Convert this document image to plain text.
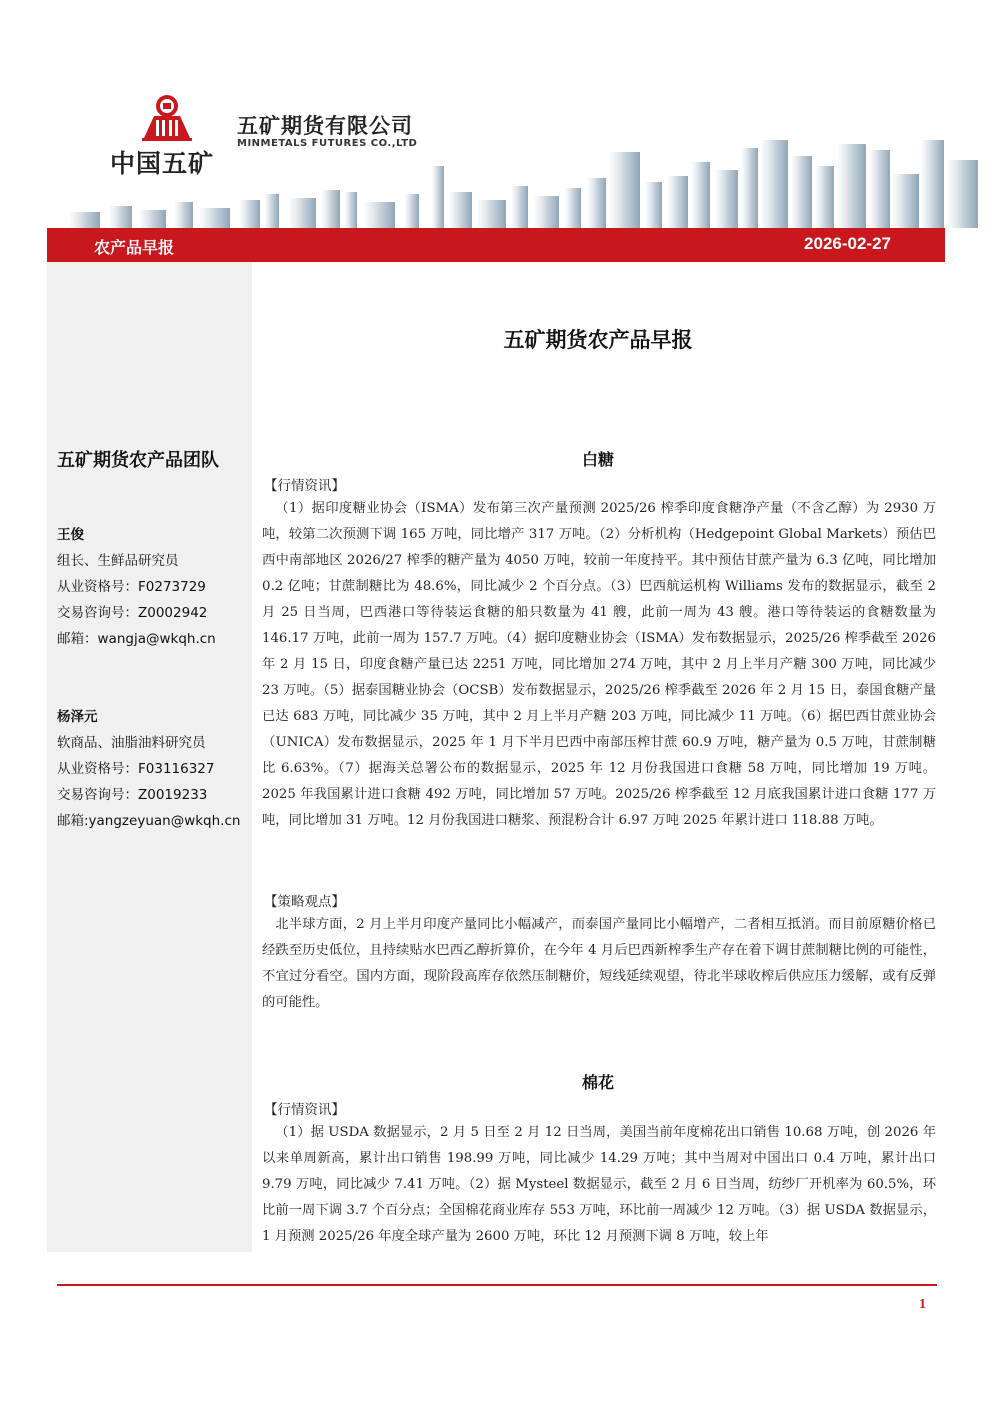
中国五矿
五矿期货有限公司
MINMETALS FUTURES CO.,LTD
农产品早报	2026-02-27
五矿期货农产品团队
王俊
组长、生鲜品研究员
从业资格号：F0273729
交易咨询号：Z0002942
邮箱：wangja@wkqh.cn
杨泽元
软商品、油脂油料研究员
从业资格号：F03116327
交易咨询号：Z0019233
邮箱:yangzeyuan@wkqh.cn
五矿期货农产品早报
白糖
【行情资讯】

（1）据印度糖业协会（ISMA）发布第三次产量预测 2025/26 榨季印度食糖净产量（不含乙醇）为 2930 万吨，较第二次预测下调 165 万吨，同比增产 317 万吨。（2）分析机构（Hedgepoint Global Markets）预估巴西中南部地区 2026/27 榨季的糖产量为 4050 万吨，较前一年度持平。其中预估甘蔗产量为 6.3 亿吨，同比增加 0.2 亿吨；甘蔗制糖比为 48.6%，同比减少 2 个百分点。（3）巴西航运机构 Williams 发布的数据显示，截至 2 月 25 日当周，巴西港口等待装运食糖的船只数量为 41 艘，此前一周为 43 艘。港口等待装运的食糖数量为 146.17 万吨，此前一周为 157.7 万吨。（4）据印度糖业协会（ISMA）发布数据显示，2025/26 榨季截至 2026 年 2 月 15 日，印度食糖产量已达 2251 万吨，同比增加 274 万吨，其中 2 月上半月产糖 300 万吨，同比减少 23 万吨。（5）据泰国糖业协会（OCSB）发布数据显示，2025/26 榨季截至 2026 年 2 月 15 日，泰国食糖产量已达 683 万吨，同比减少 35 万吨，其中 2 月上半月产糖 203 万吨，同比减少 11 万吨。（6）据巴西甘蔗业协会（UNICA）发布数据显示，2025 年 1 月下半月巴西中南部压榨甘蔗 60.9 万吨，糖产量为 0.5 万吨，甘蔗制糖比 6.63%。（7）据海关总署公布的数据显示，2025 年 12 月份我国进口食糖 58 万吨，同比增加 19 万吨。2025 年我国累计进口食糖 492 万吨，同比增加 57 万吨。2025/26 榨季截至 12 月底我国累计进口食糖 177 万吨，同比增加 31 万吨。12 月份我国进口糖浆、预混粉合计 6.97 万吨 2025 年累计进口 118.88 万吨。

【策略观点】

北半球方面，2 月上半月印度产量同比小幅减产，而泰国产量同比小幅增产，二者相互抵消。而目前原糖价格已经跌至历史低位，且持续贴水巴西乙醇折算价，在今年 4 月后巴西新榨季生产存在着下调甘蔗制糖比例的可能性，不宜过分看空。国内方面，现阶段高库存依然压制糖价，短线延续观望，待北半球收榨后供应压力缓解，或有反弹的可能性。

棉花
【行情资讯】

（1）据 USDA 数据显示，2 月 5 日至 2 月 12 日当周，美国当前年度棉花出口销售 10.68 万吨，创 2026 年以来单周新高，累计出口销售 198.99 万吨，同比减少 14.29 万吨；其中当周对中国出口 0.4 万吨，累计出口 9.79 万吨，同比减少 7.41 万吨。（2）据 Mysteel 数据显示，截至 2 月 6 日当周，纺纱厂开机率为 60.5%，环比前一周下调 3.7 个百分点；全国棉花商业库存 553 万吨，环比前一周减少 12 万吨。（3）据 USDA 数据显示，1 月预测 2025/26 年度全球产量为 2600 万吨，环比 12 月预测下调 8 万吨，较上年

1
